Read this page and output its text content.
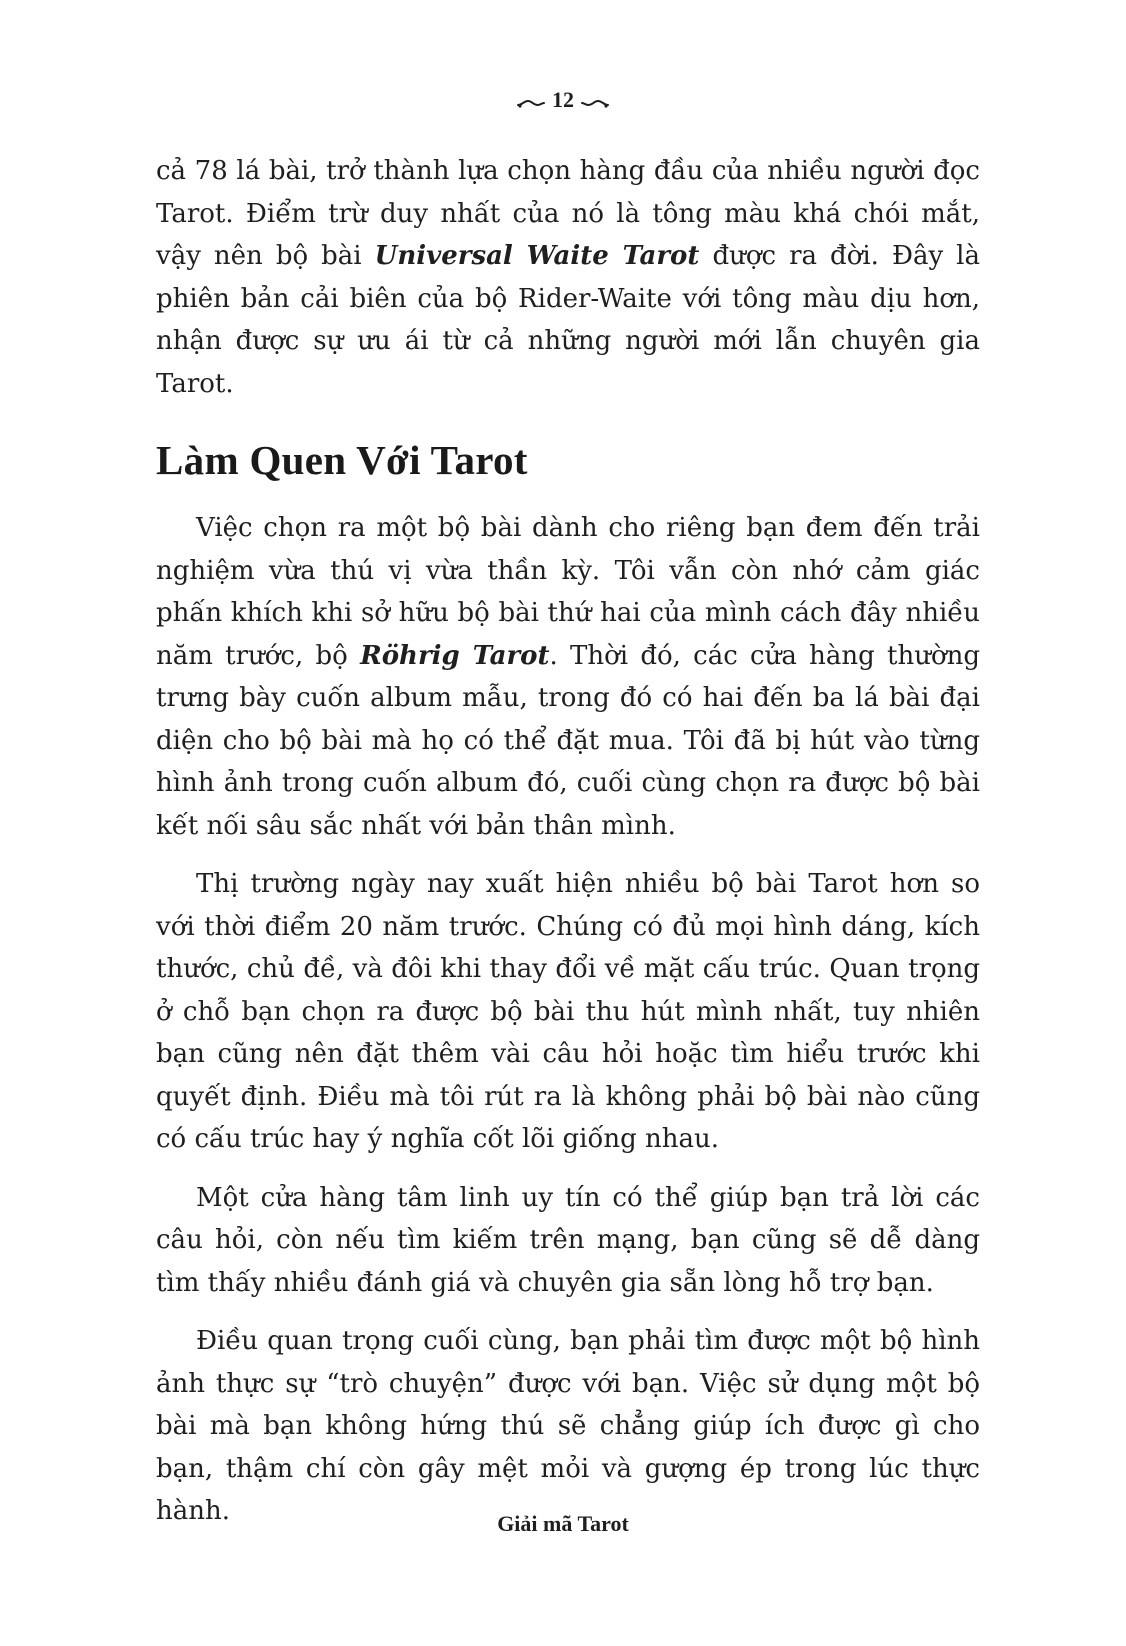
12

cả 78 lá bài, trở thành lựa chọn hàng đầu của nhiều người đọc Tarot. Điểm trừ duy nhất của nó là tông màu khá chói mắt, vậy nên bộ bài Universal Waite Tarot được ra đời. Đây là phiên bản cải biên của bộ Rider-Waite với tông màu dịu hơn, nhận được sự ưu ái từ cả những người mới lẫn chuyên gia Tarot.

Làm Quen Với Tarot

Việc chọn ra một bộ bài dành cho riêng bạn đem đến trải nghiệm vừa thú vị vừa thần kỳ. Tôi vẫn còn nhớ cảm giác phấn khích khi sở hữu bộ bài thứ hai của mình cách đây nhiều năm trước, bộ Röhrig Tarot. Thời đó, các cửa hàng thường trưng bày cuốn album mẫu, trong đó có hai đến ba lá bài đại diện cho bộ bài mà họ có thể đặt mua. Tôi đã bị hút vào từng hình ảnh trong cuốn album đó, cuối cùng chọn ra được bộ bài kết nối sâu sắc nhất với bản thân mình.

Thị trường ngày nay xuất hiện nhiều bộ bài Tarot hơn so với thời điểm 20 năm trước. Chúng có đủ mọi hình dáng, kích thước, chủ đề, và đôi khi thay đổi về mặt cấu trúc. Quan trọng ở chỗ bạn chọn ra được bộ bài thu hút mình nhất, tuy nhiên bạn cũng nên đặt thêm vài câu hỏi hoặc tìm hiểu trước khi quyết định. Điều mà tôi rút ra là không phải bộ bài nào cũng có cấu trúc hay ý nghĩa cốt lõi giống nhau.

Một cửa hàng tâm linh uy tín có thể giúp bạn trả lời các câu hỏi, còn nếu tìm kiếm trên mạng, bạn cũng sẽ dễ dàng tìm thấy nhiều đánh giá và chuyên gia sẵn lòng hỗ trợ bạn.

Điều quan trọng cuối cùng, bạn phải tìm được một bộ hình ảnh thực sự “trò chuyện” được với bạn. Việc sử dụng một bộ bài mà bạn không hứng thú sẽ chẳng giúp ích được gì cho bạn, thậm chí còn gây mệt mỏi và gượng ép trong lúc thực hành.	Giải mã Tarot
